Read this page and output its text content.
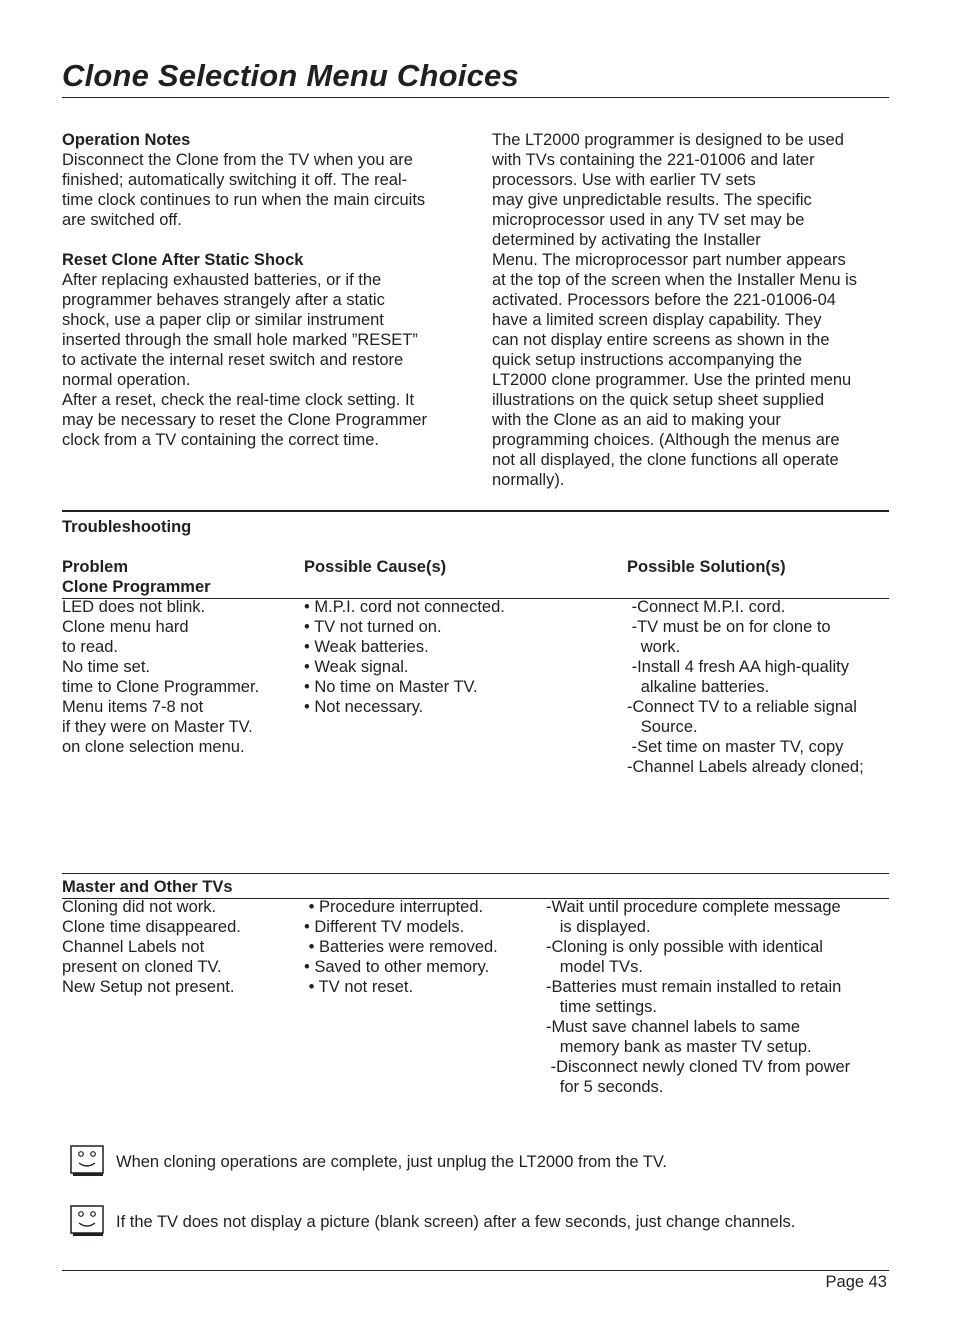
Clone Selection Menu Choices
Operation Notes

Disconnect the Clone from the TV when you are

finished; automatically switching it off. The real-

time clock continues to run when the main circuits

are switched off.

Reset Clone After Static Shock

After replacing exhausted batteries, or if the

programmer behaves strangely after a static

shock, use a paper clip or similar instrument

inserted through the small hole marked ”RESET”

to activate the internal reset switch and restore

normal operation.

After a reset, check the real-time clock setting. It

may be necessary to reset the Clone Programmer

clock from a TV containing the correct time.

The LT2000 programmer is designed to be used

with TVs containing the 221-01006 and later

processors. Use with earlier TV sets

may give unpredictable results. The specific

microprocessor used in any TV set may be

determined by activating the Installer

Menu. The microprocessor part number appears

at the top of the screen when the Installer Menu is

activated. Processors before the 221-01006-04

have a limited screen display capability. They

can not display entire screens as shown in the

quick setup instructions accompanying the

LT2000 clone programmer. Use the printed menu

illustrations on the quick setup sheet supplied

with the Clone as an aid to making your

programming choices. (Although the menus are

not all displayed, the clone functions all operate

normally).

Troubleshooting
Problem	Possible Cause(s)	Possible Solution(s)
Clone Programmer

LED does not blink.

Clone menu hard

to read.

No time set.

time to Clone Programmer.

Menu items 7-8 not

if they were on Master TV.

on clone selection menu.

• M.P.I. cord not connected.

• TV not turned on.

• Weak batteries.

• Weak signal.

• No time on Master TV.

• Not necessary.

-Connect M.P.I. cord.

-TV must be on for clone to

work.

-Install 4 fresh AA high-quality

alkaline batteries.

-Connect TV to a reliable signal

Source.

-Set time on master TV, copy

-Channel Labels already cloned;

Master and Other TVs

Cloning did not work.

Clone time disappeared.

Channel Labels not

present on cloned TV.

New Setup not present.

• Procedure interrupted.

• Different TV models.

• Batteries were removed.

• Saved to other memory.

• TV not reset.

-Wait until procedure complete message

is displayed.

-Cloning is only possible with identical

model TVs.

-Batteries must remain installed to retain

time settings.

-Must save channel labels to same

memory bank as master TV setup.

-Disconnect newly cloned TV from power

for 5 seconds.

When cloning operations are complete, just unplug the LT2000 from the TV.
If the TV does not display a picture (blank screen) after a few seconds, just change channels.
Page 43
